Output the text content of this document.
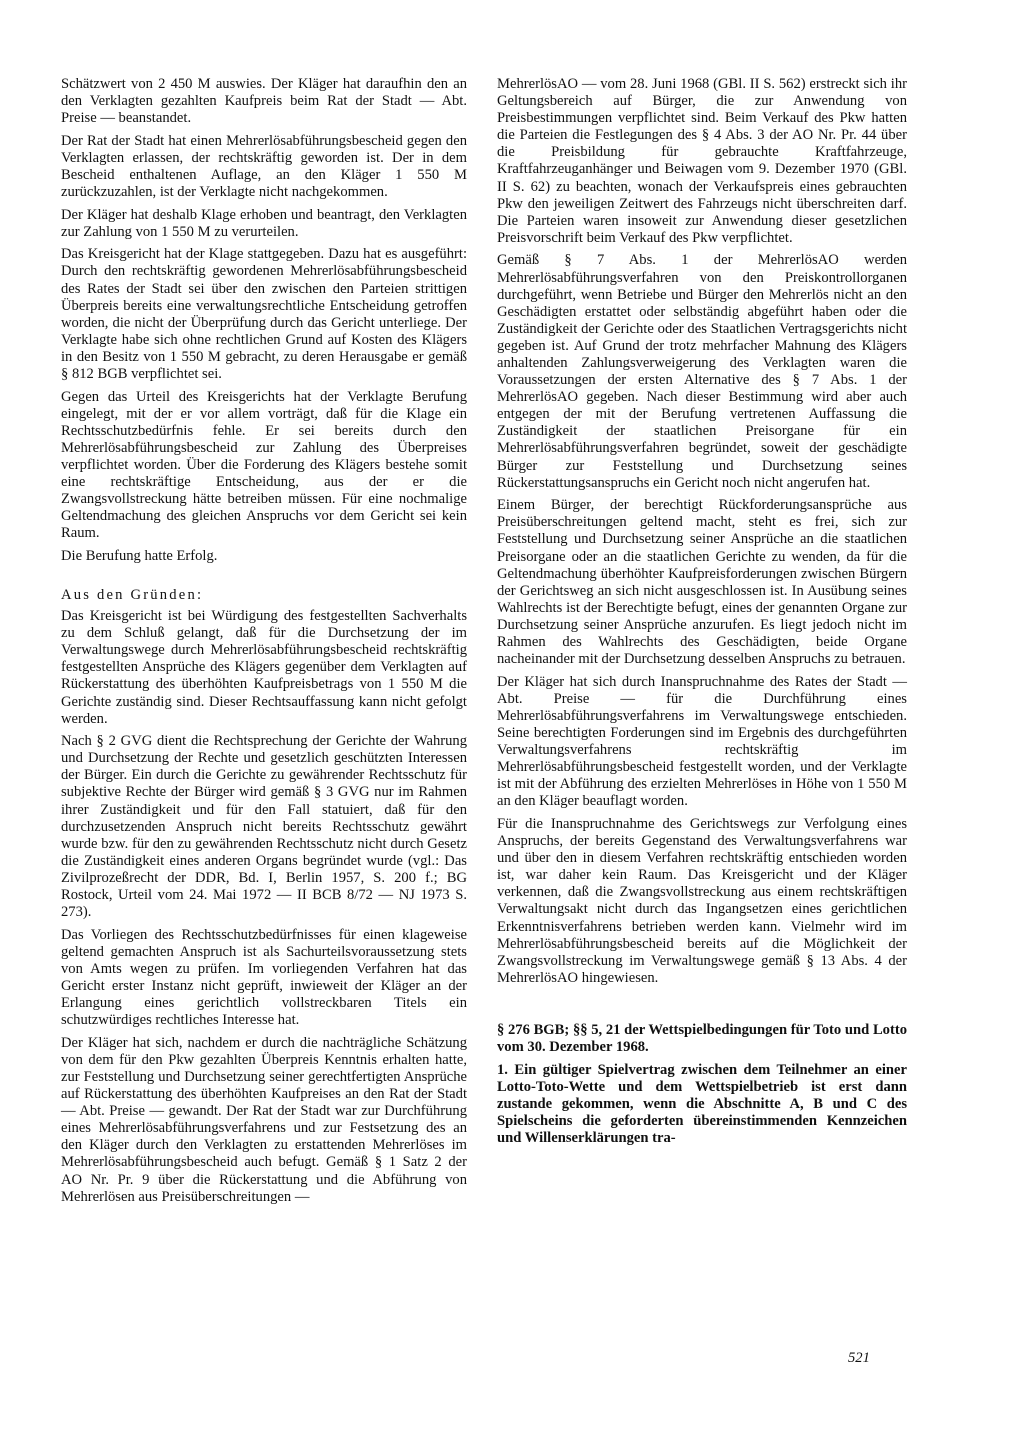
Schätzwert von 2 450 M auswies. Der Kläger hat daraufhin den an den Verklagten gezahlten Kaufpreis beim Rat der Stadt — Abt. Preise — beanstandet.

Der Rat der Stadt hat einen Mehrerlösabführungsbescheid gegen den Verklagten erlassen, der rechtskräftig geworden ist. Der in dem Bescheid enthaltenen Auflage, an den Kläger 1 550 M zurückzuzahlen, ist der Verklagte nicht nachgekommen.

Der Kläger hat deshalb Klage erhoben und beantragt, den Verklagten zur Zahlung von 1 550 M zu verurteilen.

Das Kreisgericht hat der Klage stattgegeben. Dazu hat es ausgeführt: Durch den rechtskräftig gewordenen Mehrerlösabführungsbescheid des Rates der Stadt sei über den zwischen den Parteien strittigen Überpreis bereits eine verwaltungsrechtliche Entscheidung getroffen worden, die nicht der Überprüfung durch das Gericht unterliege. Der Verklagte habe sich ohne rechtlichen Grund auf Kosten des Klägers in den Besitz von 1 550 M gebracht, zu deren Herausgabe er gemäß § 812 BGB verpflichtet sei.

Gegen das Urteil des Kreisgerichts hat der Verklagte Berufung eingelegt, mit der er vor allem vorträgt, daß für die Klage ein Rechtsschutzbedürfnis fehle. Er sei bereits durch den Mehrerlösabführungsbescheid zur Zahlung des Überpreises verpflichtet worden. Über die Forderung des Klägers bestehe somit eine rechtskräftige Entscheidung, aus der er die Zwangsvollstreckung hätte betreiben müssen. Für eine nochmalige Geltendmachung des gleichen Anspruchs vor dem Gericht sei kein Raum.

Die Berufung hatte Erfolg.

Aus den Gründen:

Das Kreisgericht ist bei Würdigung des festgestellten Sachverhalts zu dem Schluß gelangt, daß für die Durchsetzung der im Verwaltungswege durch Mehrerlösabführungsbescheid rechtskräftig festgestellten Ansprüche des Klägers gegenüber dem Verklagten auf Rückerstattung des überhöhten Kaufpreisbetrags von 1 550 M die Gerichte zuständig sind. Dieser Rechtsauffassung kann nicht gefolgt werden.

Nach § 2 GVG dient die Rechtsprechung der Gerichte der Wahrung und Durchsetzung der Rechte und gesetzlich geschützten Interessen der Bürger. Ein durch die Gerichte zu gewährender Rechtsschutz für subjektive Rechte der Bürger wird gemäß § 3 GVG nur im Rahmen ihrer Zuständigkeit und für den Fall statuiert, daß für den durchzusetzenden Anspruch nicht bereits Rechtsschutz gewährt wurde bzw. für den zu gewährenden Rechtsschutz nicht durch Gesetz die Zuständigkeit eines anderen Organs begründet wurde (vgl.: Das Zivilprozeßrecht der DDR, Bd. I, Berlin 1957, S. 200 f.; BG Rostock, Urteil vom 24. Mai 1972 — II BCB 8/72 — NJ 1973 S. 273).

Das Vorliegen des Rechtsschutzbedürfnisses für einen klageweise geltend gemachten Anspruch ist als Sachurteilsvoraussetzung stets von Amts wegen zu prüfen. Im vorliegenden Verfahren hat das Gericht erster Instanz nicht geprüft, inwieweit der Kläger an der Erlangung eines gerichtlich vollstreckbaren Titels ein schutzwürdiges rechtliches Interesse hat.

Der Kläger hat sich, nachdem er durch die nachträgliche Schätzung von dem für den Pkw gezahlten Überpreis Kenntnis erhalten hatte, zur Feststellung und Durchsetzung seiner gerechtfertigten Ansprüche auf Rückerstattung des überhöhten Kaufpreises an den Rat der Stadt — Abt. Preise — gewandt. Der Rat der Stadt war zur Durchführung eines Mehrerlösabführungsverfahrens und zur Festsetzung des an den Kläger durch den Verklagten zu erstattenden Mehrerlöses im Mehrerlösabführungsbescheid auch befugt. Gemäß § 1 Satz 2 der AO Nr. Pr. 9 über die Rückerstattung und die Abführung von Mehrerlösen aus Preisüberschreitungen —

MehrerlösAO — vom 28. Juni 1968 (GBl. II S. 562) erstreckt sich ihr Geltungsbereich auf Bürger, die zur Anwendung von Preisbestimmungen verpflichtet sind. Beim Verkauf des Pkw hatten die Parteien die Festlegungen des § 4 Abs. 3 der AO Nr. Pr. 44 über die Preisbildung für gebrauchte Kraftfahrzeuge, Kraftfahrzeuganhänger und Beiwagen vom 9. Dezember 1970 (GBl. II S. 62) zu beachten, wonach der Verkaufspreis eines gebrauchten Pkw den jeweiligen Zeitwert des Fahrzeugs nicht überschreiten darf. Die Parteien waren insoweit zur Anwendung dieser gesetzlichen Preisvorschrift beim Verkauf des Pkw verpflichtet.

Gemäß § 7 Abs. 1 der MehrerlösAO werden Mehrerlösabführungsverfahren von den Preiskontrollorganen durchgeführt, wenn Betriebe und Bürger den Mehrerlös nicht an den Geschädigten erstattet oder selbständig abgeführt haben oder die Zuständigkeit der Gerichte oder des Staatlichen Vertragsgerichts nicht gegeben ist. Auf Grund der trotz mehrfacher Mahnung des Klägers anhaltenden Zahlungsverweigerung des Verklagten waren die Voraussetzungen der ersten Alternative des § 7 Abs. 1 der MehrerlösAO gegeben. Nach dieser Bestimmung wird aber auch entgegen der mit der Berufung vertretenen Auffassung die Zuständigkeit der staatlichen Preisorgane für ein Mehrerlösabführungsverfahren begründet, soweit der geschädigte Bürger zur Feststellung und Durchsetzung seines Rückerstattungsanspruchs ein Gericht noch nicht angerufen hat.

Einem Bürger, der berechtigt Rückforderungsansprüche aus Preisüberschreitungen geltend macht, steht es frei, sich zur Feststellung und Durchsetzung seiner Ansprüche an die staatlichen Preisorgane oder an die staatlichen Gerichte zu wenden, da für die Geltendmachung überhöhter Kaufpreisforderungen zwischen Bürgern der Gerichtsweg an sich nicht ausgeschlossen ist. In Ausübung seines Wahlrechts ist der Berechtigte befugt, eines der genannten Organe zur Durchsetzung seiner Ansprüche anzurufen. Es liegt jedoch nicht im Rahmen des Wahlrechts des Geschädigten, beide Organe nacheinander mit der Durchsetzung desselben Anspruchs zu betrauen.

Der Kläger hat sich durch Inanspruchnahme des Rates der Stadt — Abt. Preise — für die Durchführung eines Mehrerlösabführungsverfahrens im Verwaltungswege entschieden. Seine berechtigten Forderungen sind im Ergebnis des durchgeführten Verwaltungsverfahrens rechtskräftig im Mehrerlösabführungsbescheid festgestellt worden, und der Verklagte ist mit der Abführung des erzielten Mehrerlöses in Höhe von 1 550 M an den Kläger beauflagt worden.

Für die Inanspruchnahme des Gerichtswegs zur Verfolgung eines Anspruchs, der bereits Gegenstand des Verwaltungsverfahrens war und über den in diesem Verfahren rechtskräftig entschieden worden ist, war daher kein Raum. Das Kreisgericht und der Kläger verkennen, daß die Zwangsvollstreckung aus einem rechtskräftigen Verwaltungsakt nicht durch das Ingangsetzen eines gerichtlichen Erkenntnisverfahrens betrieben werden kann. Vielmehr wird im Mehrerlösabführungsbescheid bereits auf die Möglichkeit der Zwangsvollstreckung im Verwaltungswege gemäß § 13 Abs. 4 der MehrerlösAO hingewiesen.

§ 276 BGB; §§ 5, 21 der Wettspielbedingungen für Toto und Lotto vom 30. Dezember 1968.

1. Ein gültiger Spielvertrag zwischen dem Teilnehmer an einer Lotto-Toto-Wette und dem Wettspielbetrieb ist erst dann zustande gekommen, wenn die Abschnitte A, B und C des Spielscheins die geforderten übereinstimmenden Kennzeichen und Willenserklärungen tra-

521
